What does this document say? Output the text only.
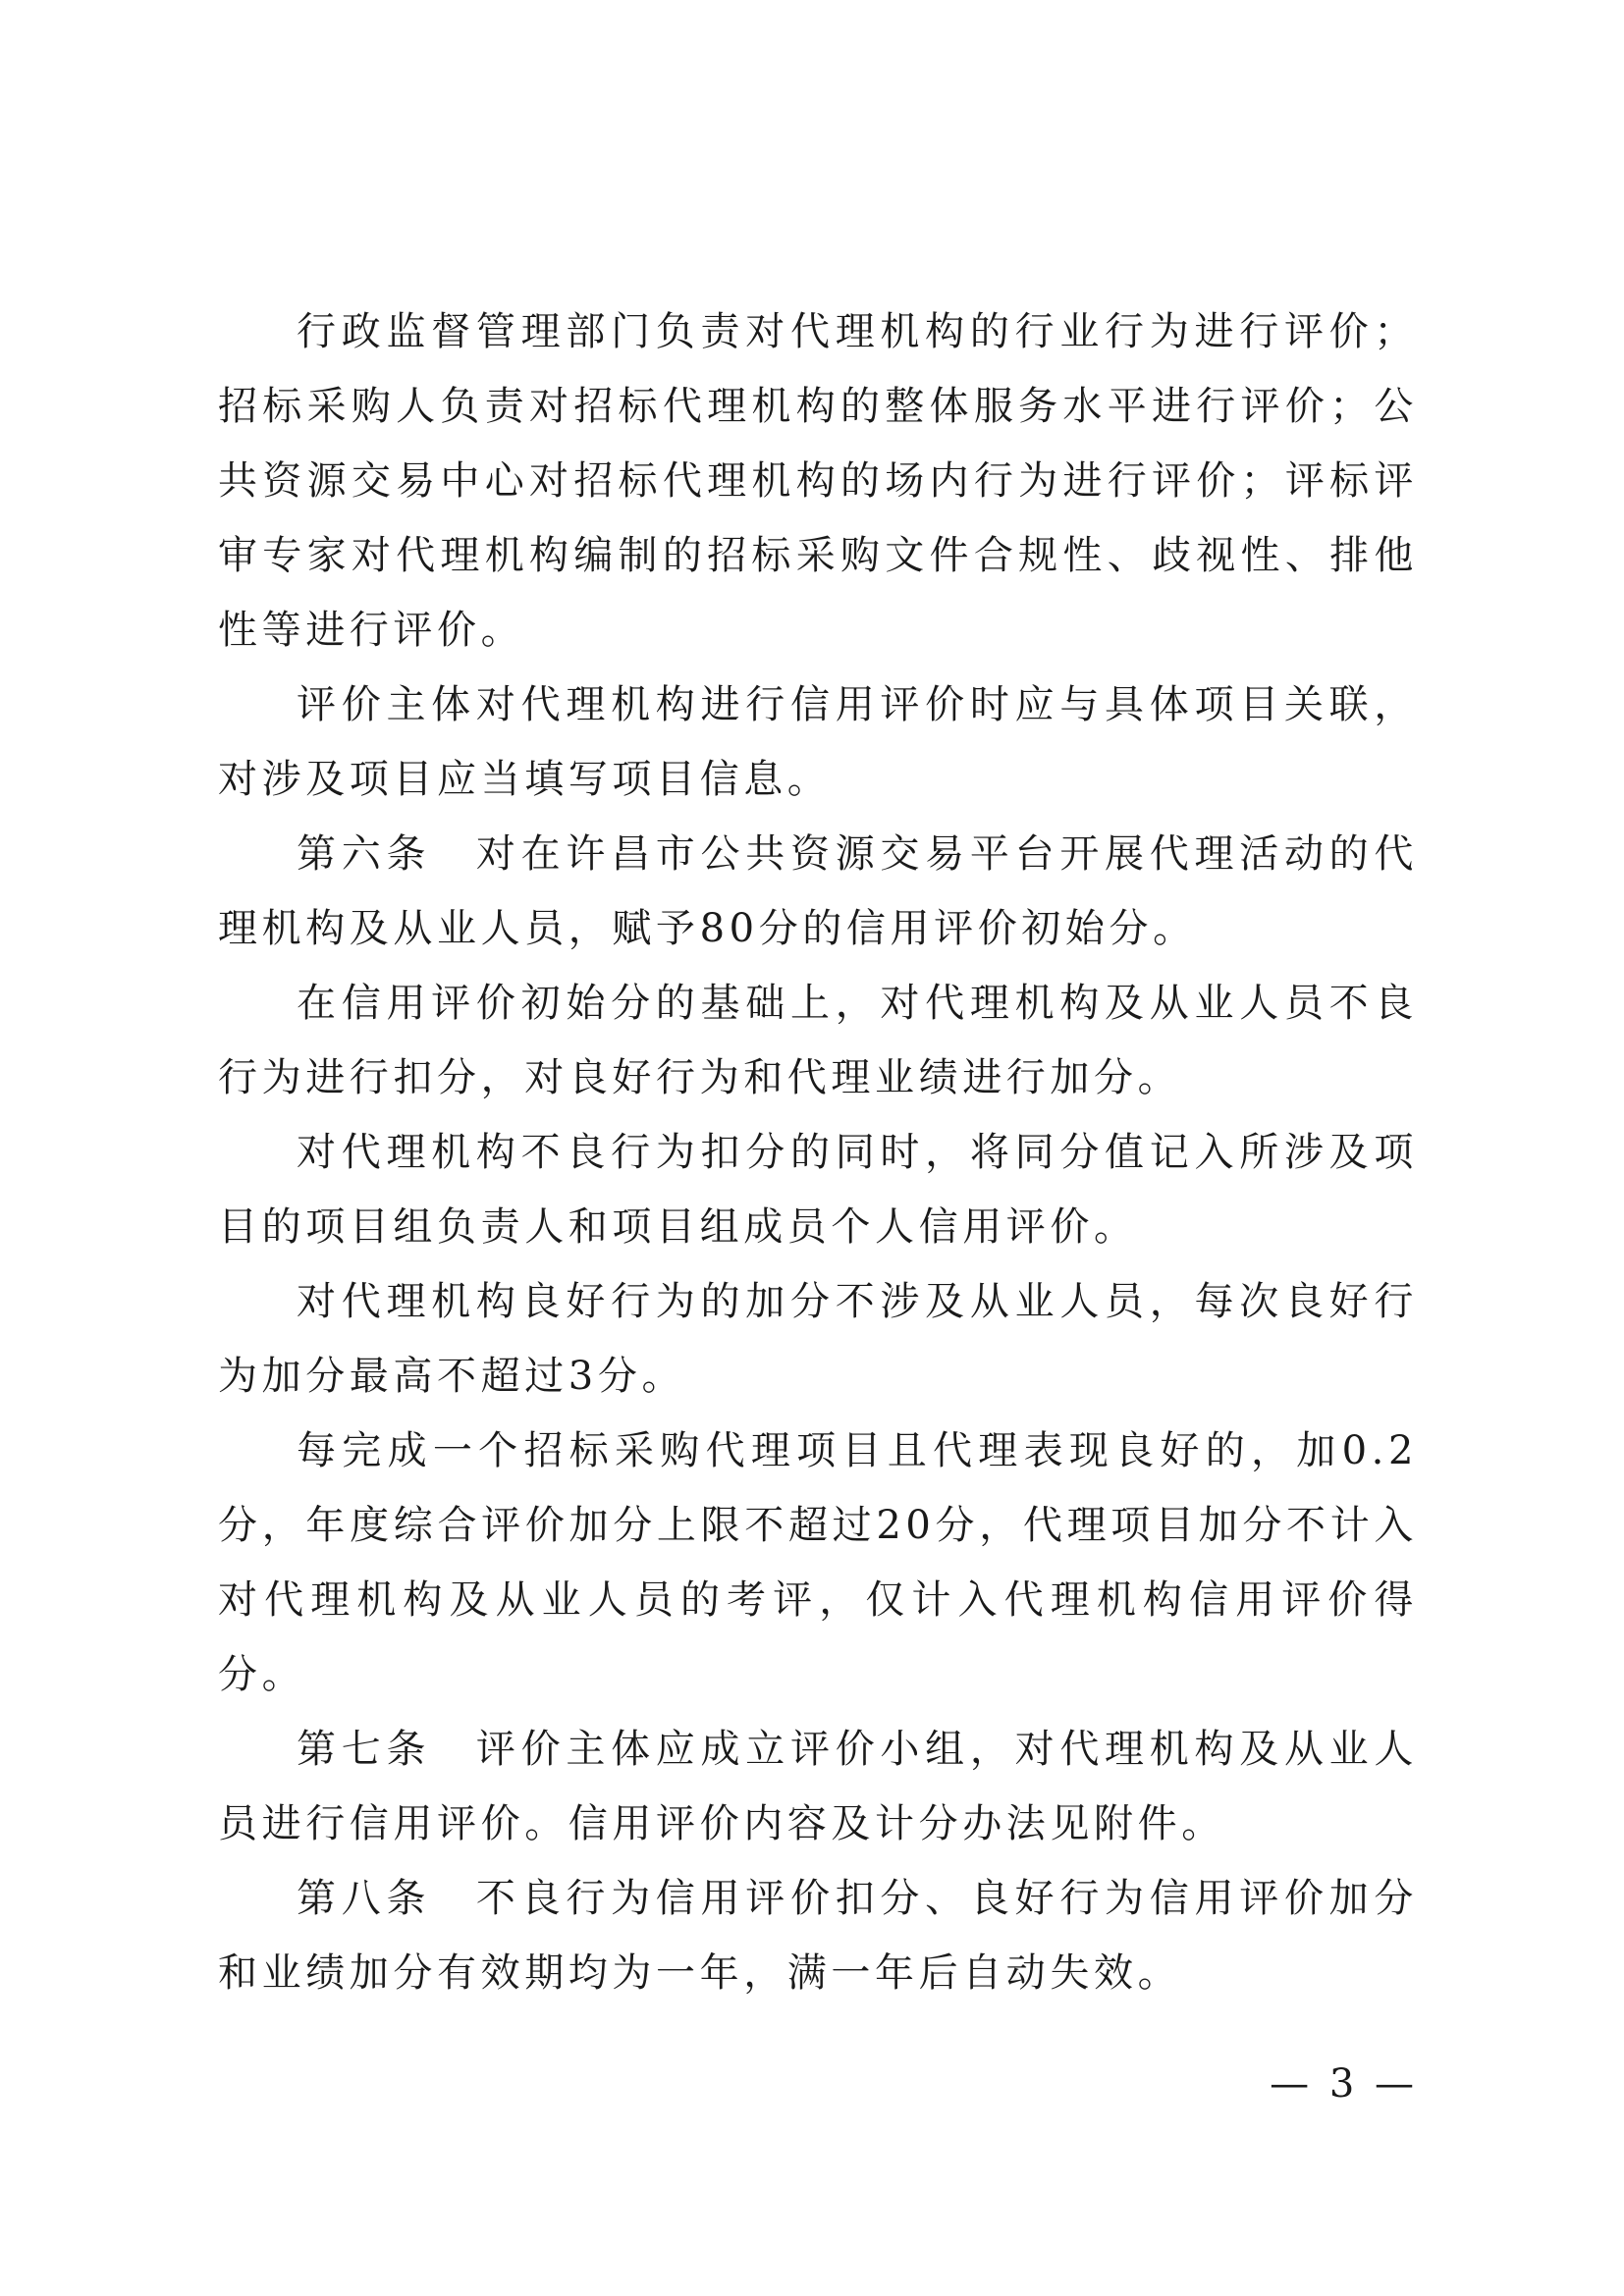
行政监督管理部门负责对代理机构的行业行为进行评价；招标采购人负责对招标代理机构的整体服务水平进行评价；公共资源交易中心对招标代理机构的场内行为进行评价；评标评审专家对代理机构编制的招标采购文件合规性、歧视性、排他性等进行评价。

评价主体对代理机构进行信用评价时应与具体项目关联，对涉及项目应当填写项目信息。

第六条　对在许昌市公共资源交易平台开展代理活动的代理机构及从业人员，赋予80分的信用评价初始分。

在信用评价初始分的基础上，对代理机构及从业人员不良行为进行扣分，对良好行为和代理业绩进行加分。

对代理机构不良行为扣分的同时，将同分值记入所涉及项目的项目组负责人和项目组成员个人信用评价。

对代理机构良好行为的加分不涉及从业人员，每次良好行为加分最高不超过3分。

每完成一个招标采购代理项目且代理表现良好的，加0.2分，年度综合评价加分上限不超过20分，代理项目加分不计入对代理机构及从业人员的考评，仅计入代理机构信用评价得分。

第七条　评价主体应成立评价小组，对代理机构及从业人员进行信用评价。信用评价内容及计分办法见附件。

第八条　不良行为信用评价扣分、良好行为信用评价加分和业绩加分有效期均为一年，满一年后自动失效。

— 3 —
